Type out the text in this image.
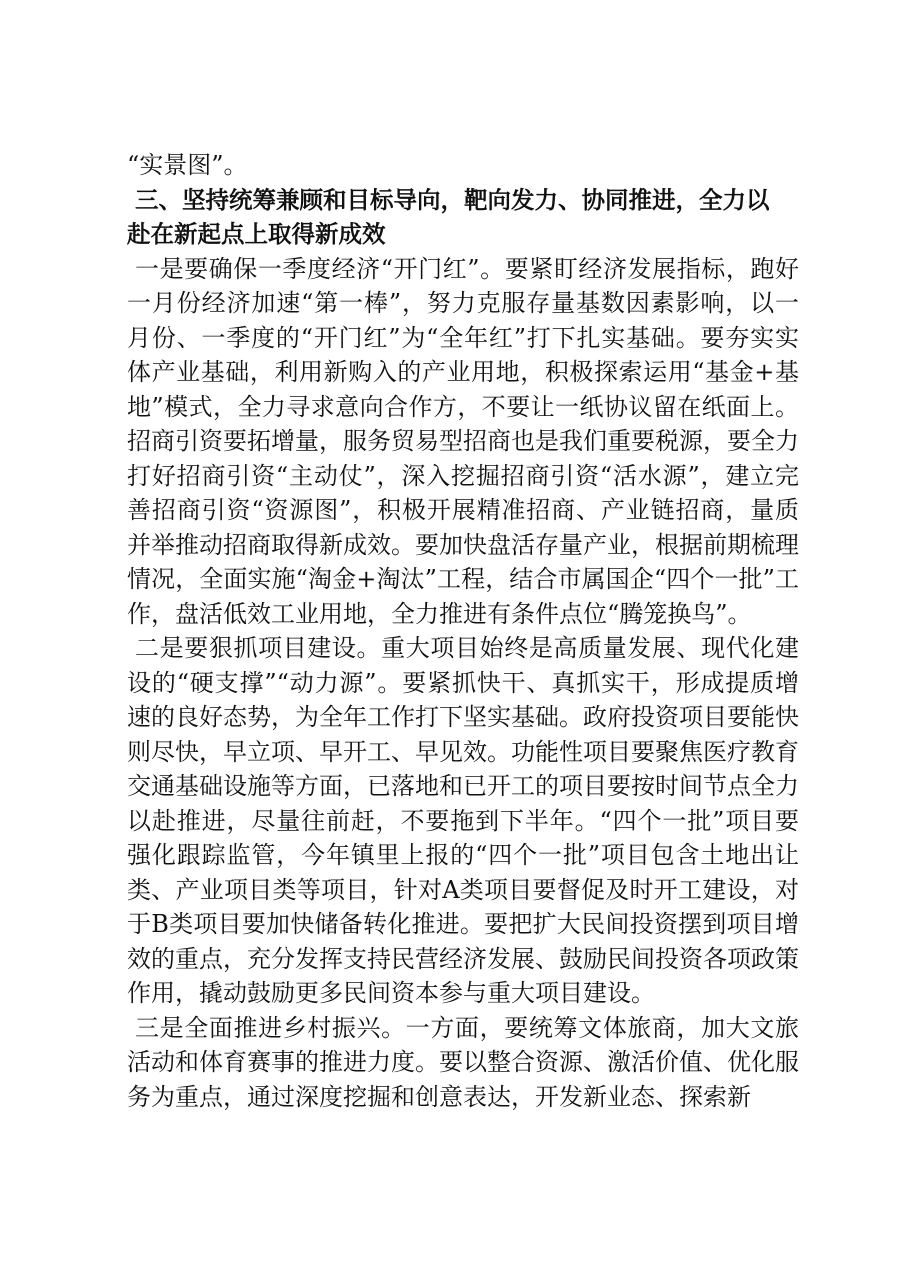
“实景图”。

三、坚持统筹兼顾和目标导向，靶向发力、协同推进，全力以

赴在新起点上取得新成效

一是要确保一季度经济“开门红”。要紧盯经济发展指标，跑好一月份经济加速“第一棒”，努力克服存量基数因素影响，以一月份、一季度的“开门红”为“全年红”打下扎实基础。要夯实实体产业基础，利用新购入的产业用地，积极探索运用“基金+基地”模式，全力寻求意向合作方，不要让一纸协议留在纸面上。招商引资要拓增量，服务贸易型招商也是我们重要税源，要全力打好招商引资“主动仗”，深入挖掘招商引资“活水源”，建立完善招商引资“资源图”，积极开展精准招商、产业链招商，量质并举推动招商取得新成效。要加快盘活存量产业，根据前期梳理情况，全面实施“淘金+淘汰”工程，结合市属国企“四个一批”工作，盘活低效工业用地，全力推进有条件点位“腾笼换鸟”。

二是要狠抓项目建设。重大项目始终是高质量发展、现代化建设的“硬支撑”“动力源”。要紧抓快干、真抓实干，形成提质增速的良好态势，为全年工作打下坚实基础。政府投资项目要能快则尽快，早立项、早开工、早见效。功能性项目要聚焦医疗教育交通基础设施等方面，已落地和已开工的项目要按时间节点全力以赴推进，尽量往前赶，不要拖到下半年。“四个一批”项目要强化跟踪监管，今年镇里上报的“四个一批”项目包含土地出让类、产业项目类等项目，针对A类项目要督促及时开工建设，对于B类项目要加快储备转化推进。要把扩大民间投资摆到项目增效的重点，充分发挥支持民营经济发展、鼓励民间投资各项政策作用，撬动鼓励更多民间资本参与重大项目建设。

三是全面推进乡村振兴。一方面，要统筹文体旅商，加大文旅活动和体育赛事的推进力度。要以整合资源、激活价值、优化服务为重点，通过深度挖掘和创意表达，开发新业态、探索新
